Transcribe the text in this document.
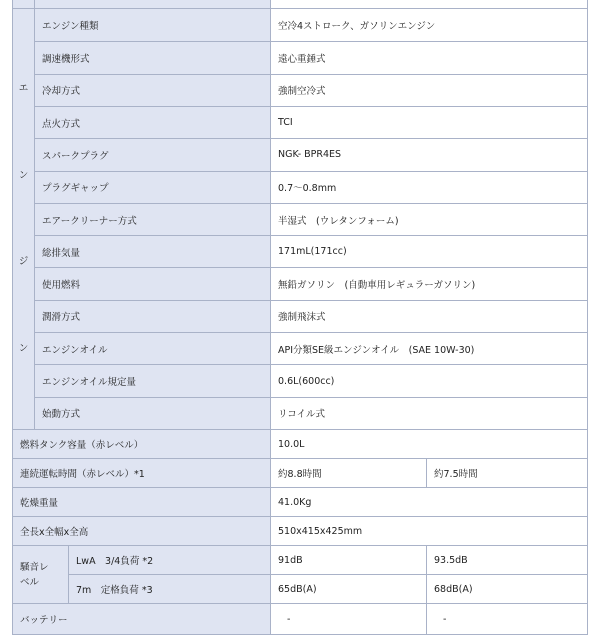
エ
ン
ジ
ン	エンジン種類		空冷4ストローク、ガソリンエンジン	
	調速機形式		遠心重錘式	
	冷却方式		強制空冷式	
	点火方式		TCI	
	スパークプラグ		NGK- BPR4ES	
	プラグギャップ		0.7～0.8mm	
	エアークリーナー方式		半湿式　(ウレタンフォーム)	
	総排気量		171mL(171cc)	
	使用燃料		無鉛ガソリン　(自動車用レギュラーガソリン)	
	潤滑方式		強制飛沫式	
	エンジンオイル		API分類SE級エンジンオイル　(SAE 10W-30)	
	エンジンオイル規定量		0.6L(600cc)	
	始動方式		リコイル式	
燃料タンク容量（赤レベル）			10.0L	
連続運転時間（赤レベル）*1			約8.8時間	約7.5時間
乾燥重量			41.0Kg	
全長x全幅x全高			510x415x425mm	

騒音レベル		LwA　3/4負荷 *2	91dB	93.5dB
		7m　定格負荷 *3	65dB(A)	68dB(A)
バッテリー			-	-
